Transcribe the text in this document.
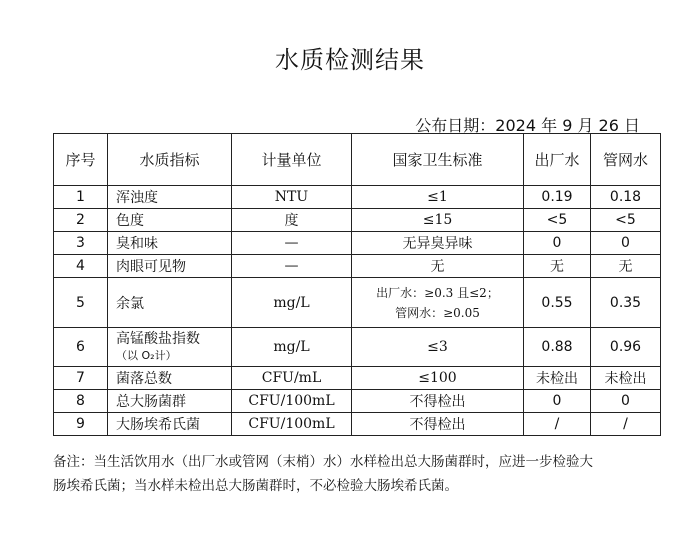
水质检测结果
公布日期：2024 年 9 月 26 日
序号	水质指标	计量单位	国家卫生标准	出厂水	管网水
1	浑浊度	NTU	≤1	0.19	0.18
2	色度	度	≤15	<5	<5
3	臭和味	—	无异臭异味	0	0
4	肉眼可见物	—	无	无	无
5	余氯	mg/L	出厂水：≥0.3 且≤2；
管网水：≥0.05	0.55	0.35
6	高锰酸盐指数
（以 O₂计）	mg/L	≤3	0.88	0.96
7	菌落总数	CFU/mL	≤100	未检出	未检出
8	总大肠菌群	CFU/100mL	不得检出	0	0
9	大肠埃希氏菌	CFU/100mL	不得检出	/	/
备注：当生活饮用水（出厂水或管网（末梢）水）水样检出总大肠菌群时，应进一步检验大
肠埃希氏菌；当水样未检出总大肠菌群时，不必检验大肠埃希氏菌。
